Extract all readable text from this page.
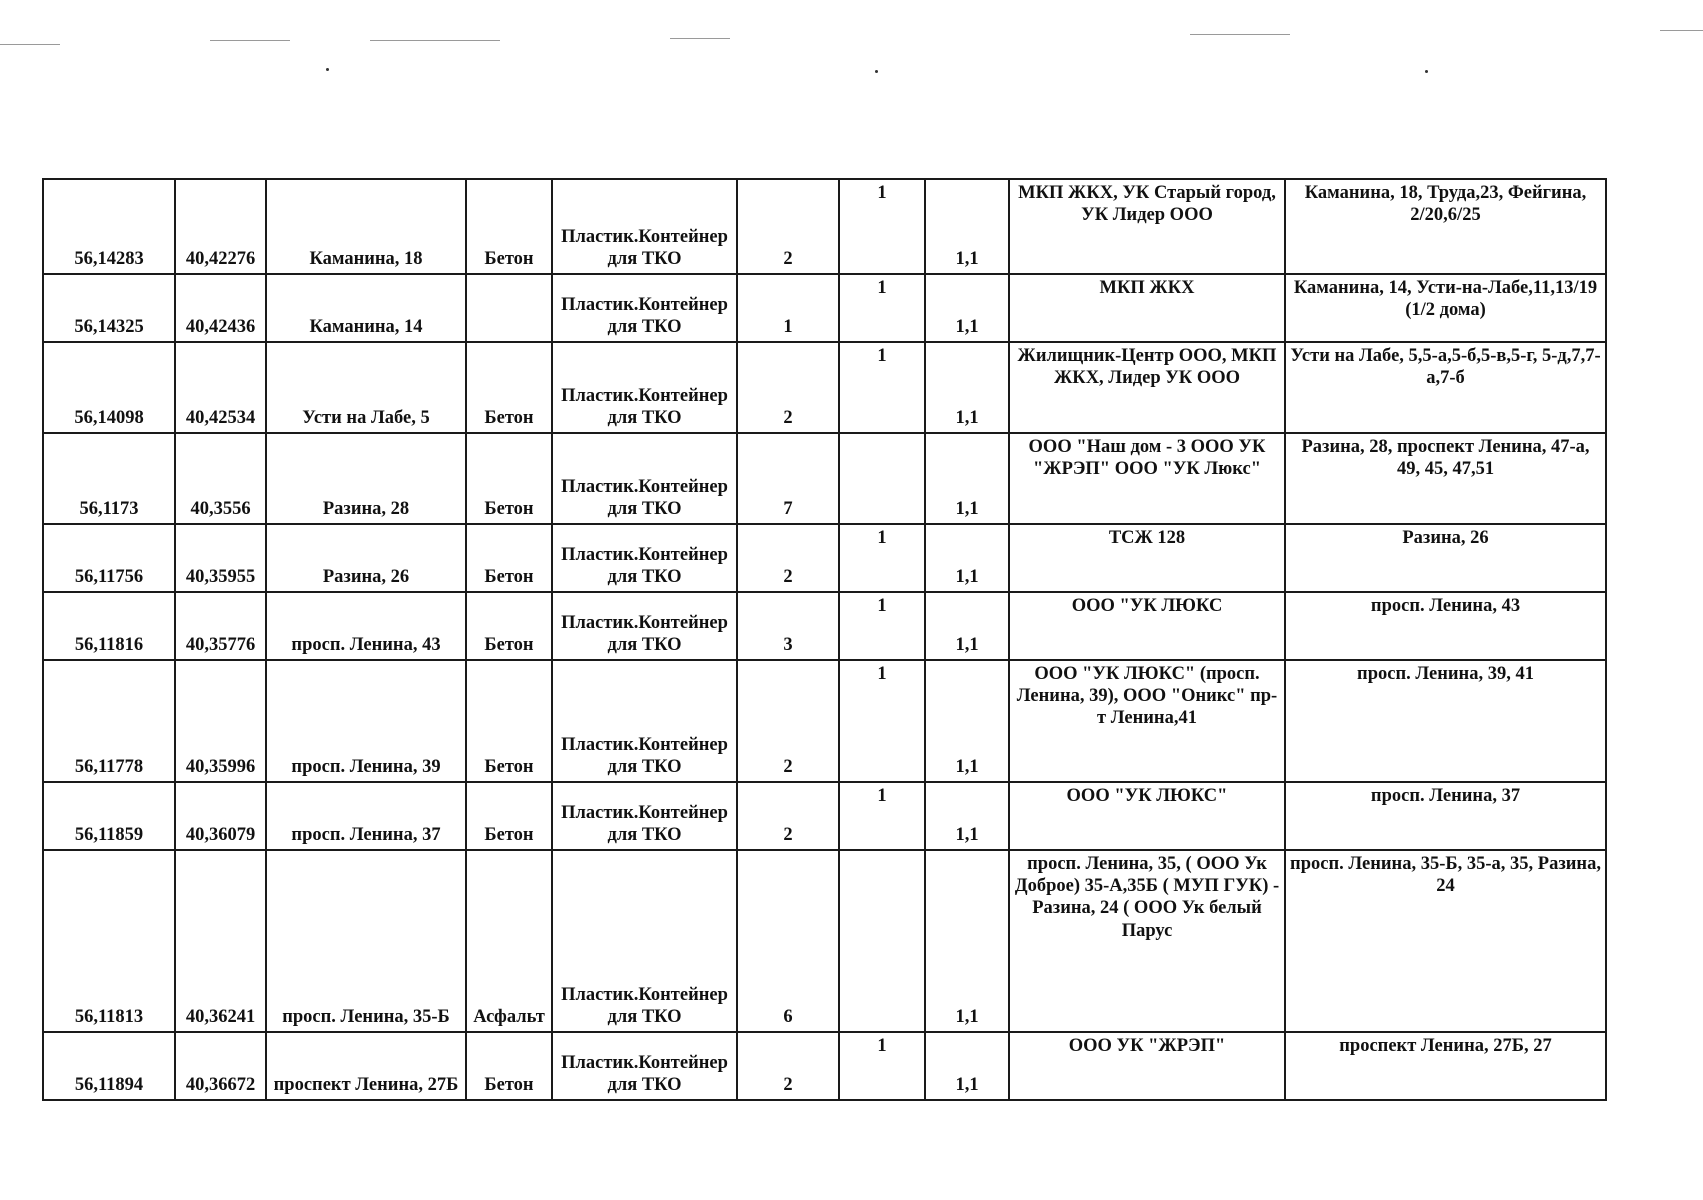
56,14283	40,42276	Каманина, 18	Бетон	Пластик.Контейнер для ТКО	2	1	1,1	МКП ЖКХ, УК Старый город, УК Лидер ООО	Каманина, 18, Труда,23, Фейгина, 2/20,6/25
56,14325	40,42436	Каманина, 14		Пластик.Контейнер для ТКО	1	1	1,1	МКП ЖКХ	Каманина, 14, Усти-на-Лабе,11,13/19 (1/2 дома)
56,14098	40,42534	Усти на Лабе, 5	Бетон	Пластик.Контейнер для ТКО	2	1	1,1	Жилищник-Центр ООО, МКП ЖКХ, Лидер УК ООО	Усти на Лабе, 5,5-а,5-б,5-в,5-г, 5-д,7,7-а,7-б
56,1173	40,3556	Разина, 28	Бетон	Пластик.Контейнер для ТКО	7		1,1	ООО "Наш дом - 3 ООО УК "ЖРЭП" ООО "УК Люкс"	Разина, 28, проспект Ленина, 47-а, 49, 45, 47,51
56,11756	40,35955	Разина, 26	Бетон	Пластик.Контейнер для ТКО	2	1	1,1	ТСЖ 128	Разина, 26
56,11816	40,35776	просп. Ленина, 43	Бетон	Пластик.Контейнер для ТКО	3	1	1,1	ООО "УК ЛЮКС	просп. Ленина, 43
56,11778	40,35996	просп. Ленина, 39	Бетон	Пластик.Контейнер для ТКО	2	1	1,1	ООО "УК ЛЮКС" (просп. Ленина, 39), ООО "Оникс" пр-т Ленина,41	просп. Ленина, 39, 41
56,11859	40,36079	просп. Ленина, 37	Бетон	Пластик.Контейнер для ТКО	2	1	1,1	ООО "УК ЛЮКС"	просп. Ленина, 37
56,11813	40,36241	просп. Ленина, 35-Б	Асфальт	Пластик.Контейнер для ТКО	6		1,1	просп. Ленина, 35, ( ООО Ук Доброе) 35-А,35Б ( МУП ГУК) - Разина, 24 ( ООО Ук белый Парус	просп. Ленина, 35-Б, 35-а, 35, Разина, 24
56,11894	40,36672	проспект Ленина, 27Б	Бетон	Пластик.Контейнер для ТКО	2	1	1,1	ООО УК "ЖРЭП"	проспект Ленина, 27Б, 27
